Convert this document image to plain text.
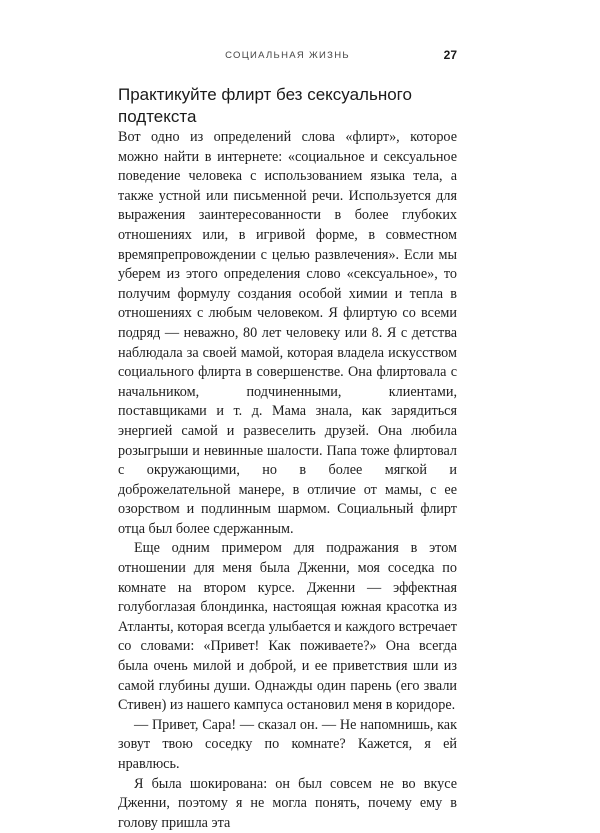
СОЦИАЛЬНАЯ ЖИЗНЬ	27
Практикуйте флирт без сексуального подтекста

Вот одно из определений слова «флирт», которое можно найти в интернете: «социальное и сексуальное поведение человека с использованием языка тела, а также устной или письменной речи. Используется для выражения заинтересованности в более глубоких отношениях или, в игривой форме, в совместном времяпрепровождении с целью развлечения». Если мы уберем из этого определения слово «сексуальное», то получим формулу создания особой химии и тепла в отношениях с любым человеком. Я флиртую со всеми подряд — неважно, 80 лет человеку или 8. Я с детства наблюдала за своей мамой, которая владела искусством социального флирта в совершенстве. Она флиртовала с начальником, подчиненными, клиентами, поставщиками и т. д. Мама знала, как зарядиться энергией самой и развеселить друзей. Она любила розыгрыши и невинные шалости. Папа тоже флиртовал с окружающими, но в более мягкой и доброжелательной манере, в отличие от мамы, с ее озорством и подлинным шармом. Социальный флирт отца был более сдержанным.

Еще одним примером для подражания в этом отношении для меня была Дженни, моя соседка по комнате на втором курсе. Дженни — эффектная голубоглазая блондинка, настоящая южная красотка из Атланты, которая всегда улыбается и каждого встречает со словами: «Привет! Как поживаете?» Она всегда была очень милой и доброй, и ее приветствия шли из самой глубины души. Однажды один парень (его звали Стивен) из нашего кампуса остановил меня в коридоре.

— Привет, Сара! — сказал он. — Не напомнишь, как зовут твою соседку по комнате? Кажется, я ей нравлюсь.

Я была шокирована: он был совсем не во вкусе Дженни, поэтому я не могла понять, почему ему в голову пришла эта
